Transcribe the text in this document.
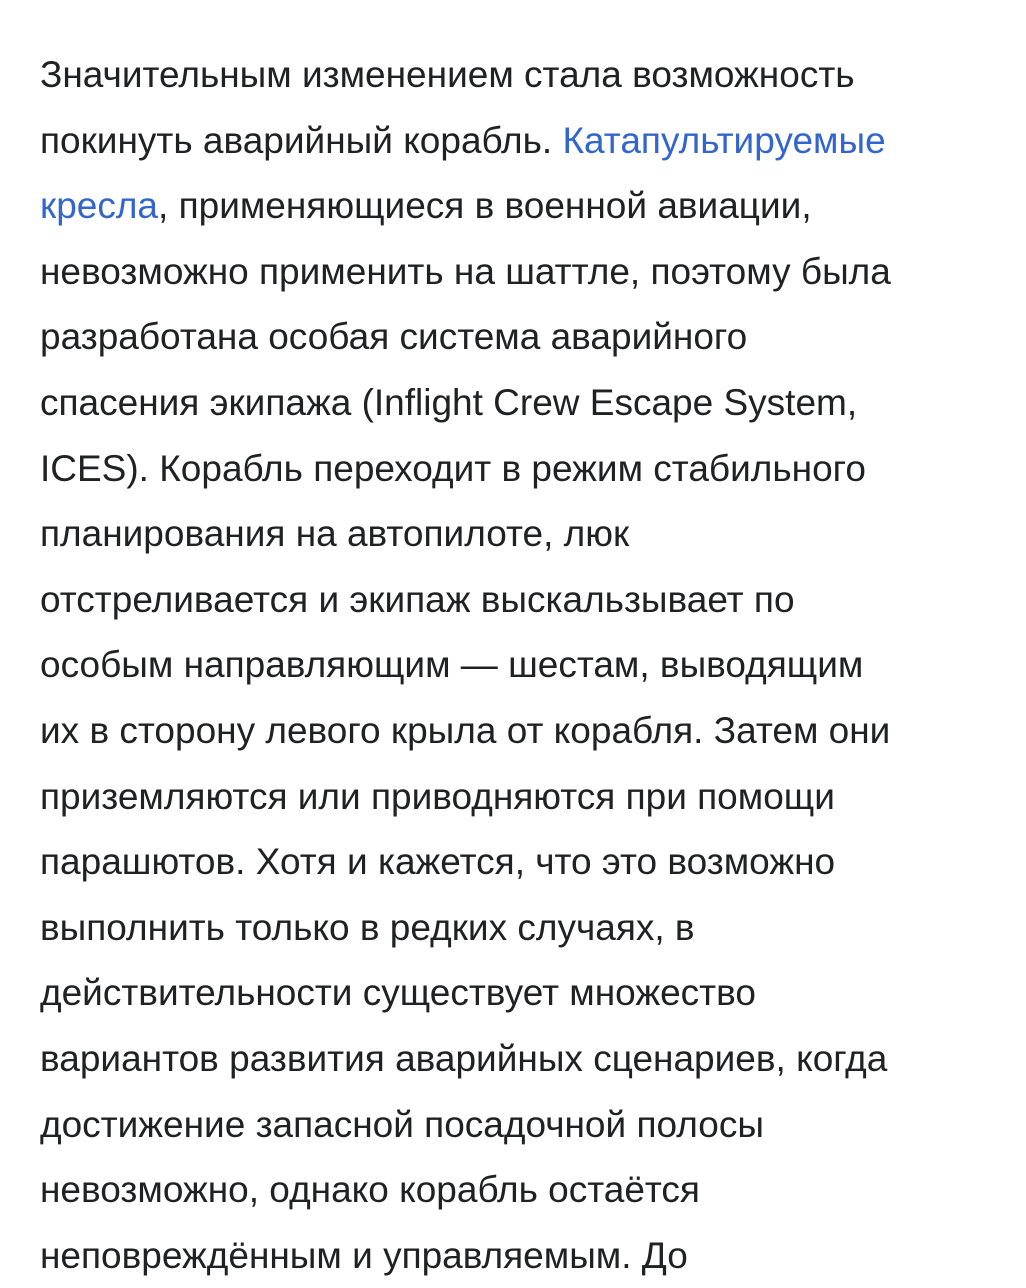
Значительным изменением стала возможность
покинуть аварийный корабль. Катапультируемые
кресла, применяющиеся в военной авиации,
невозможно применить на шаттле, поэтому была
разработана особая система аварийного
спасения экипажа (Inflight Crew Escape System,
ICES). Корабль переходит в режим стабильного
планирования на автопилоте, люк
отстреливается и экипаж выскальзывает по
особым направляющим — шестам, выводящим
их в сторону левого крыла от корабля. Затем они
приземляются или приводняются при помощи
парашютов. Хотя и кажется, что это возможно
выполнить только в редких случаях, в
действительности существует множество
вариантов развития аварийных сценариев, когда
достижение запасной посадочной полосы
невозможно, однако корабль остаётся
неповреждённым и управляемым. До
